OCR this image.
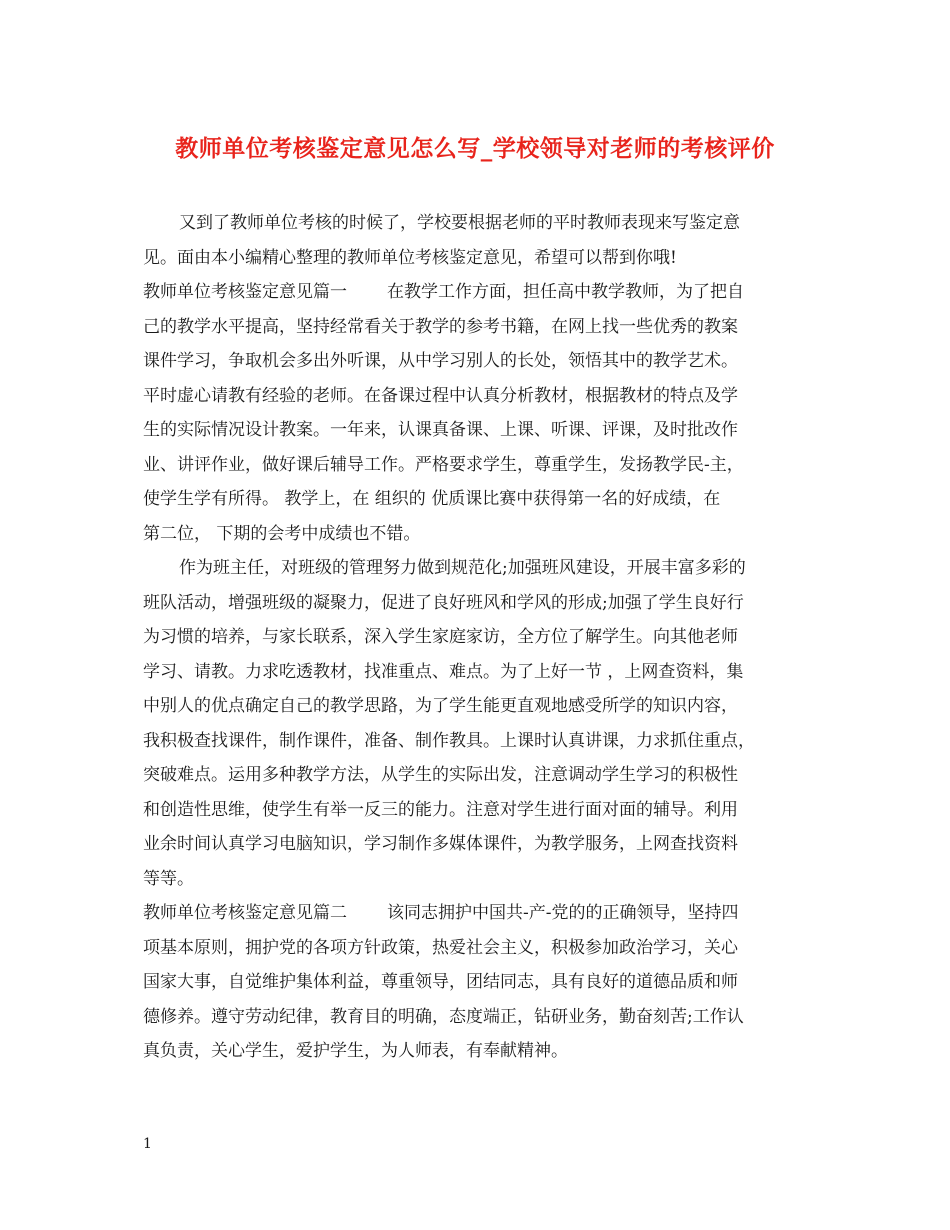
教师单位考核鉴定意见怎么写_学校领导对老师的考核评价
又到了教师单位考核的时候了，学校要根据老师的平时教师表现来写鉴定意
见。面由本小编精心整理的教师单位考核鉴定意见，希望可以帮到你哦!
教师单位考核鉴定意见篇一 在教学工作方面，担任高中教学教师，为了把自
己的教学水平提高，坚持经常看关于教学的参考书籍，在网上找一些优秀的教案
课件学习，争取机会多出外听课，从中学习别人的长处，领悟其中的教学艺术。
平时虚心请教有经验的老师。在备课过程中认真分析教材，根据教材的特点及学
生的实际情况设计教案。一年来，认课真备课、上课、听课、评课，及时批改作
业、讲评作业，做好课后辅导工作。严格要求学生，尊重学生，发扬教学民-主，
使学生学有所得。 教学上，在 组织的 优质课比赛中获得第一名的好成绩，在
第二位， 下期的会考中成绩也不错。
作为班主任，对班级的管理努力做到规范化;加强班风建设，开展丰富多彩的
班队活动，增强班级的凝聚力，促进了良好班风和学风的形成;加强了学生良好行
为习惯的培养，与家长联系，深入学生家庭家访，全方位了解学生。向其他老师
学习、请教。力求吃透教材，找准重点、难点。为了上好一节 ，上网查资料，集
中别人的优点确定自己的教学思路，为了学生能更直观地感受所学的知识内容，
我积极查找课件，制作课件，准备、制作教具。上课时认真讲课，力求抓住重点，
突破难点。运用多种教学方法，从学生的实际出发，注意调动学生学习的积极性
和创造性思维，使学生有举一反三的能力。注意对学生进行面对面的辅导。利用
业余时间认真学习电脑知识，学习制作多媒体课件，为教学服务，上网查找资料
等等。
教师单位考核鉴定意见篇二 该同志拥护中国共-产-党的的正确领导，坚持四
项基本原则，拥护党的各项方针政策，热爱社会主义，积极参加政治学习，关心
国家大事，自觉维护集体利益，尊重领导，团结同志，具有良好的道德品质和师
德修养。遵守劳动纪律，教育目的明确，态度端正，钻研业务，勤奋刻苦;工作认
真负责，关心学生，爱护学生，为人师表，有奉献精神。
1
